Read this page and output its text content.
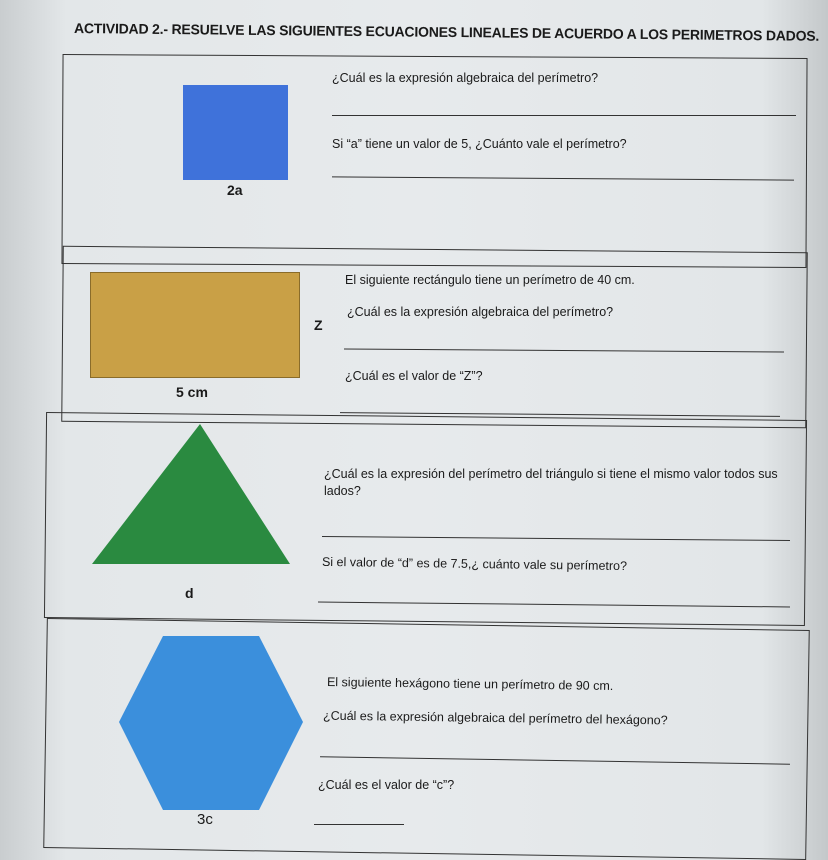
ACTIVIDAD 2.- RESUELVE LAS SIGUIENTES ECUACIONES LINEALES DE ACUERDO A LOS PERIMETROS DADOS.
2a
¿Cuál es la expresión algebraica del perímetro?
Si “a” tiene un valor de 5, ¿Cuánto vale el perímetro?
Z
5 cm
El siguiente rectángulo tiene un perímetro de 40 cm.
¿Cuál es la expresión algebraica del perímetro?
¿Cuál es el valor de “Z”?
d
¿Cuál es la expresión del perímetro del triángulo si tiene el mismo valor todos sus lados?
Si el valor de “d” es de 7.5,¿ cuánto vale su perímetro?
3c
El siguiente hexágono tiene un perímetro de 90 cm.
¿Cuál es la expresión algebraica del perímetro del hexágono?
¿Cuál es el valor de “c”?
